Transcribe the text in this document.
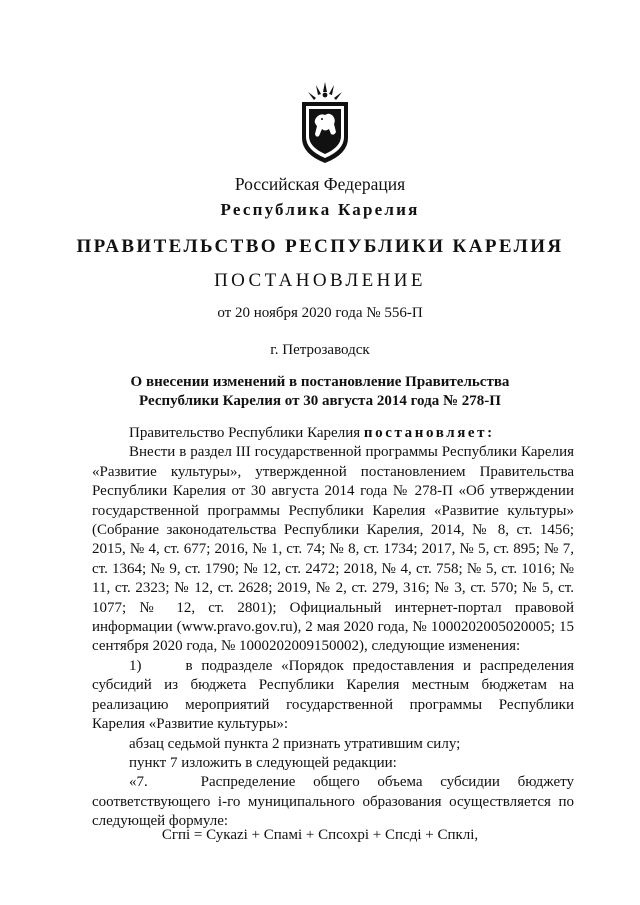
Российская Федерация
Республика Карелия
ПРАВИТЕЛЬСТВО РЕСПУБЛИКИ КАРЕЛИЯ
ПОСТАНОВЛЕНИЕ
от 20 ноября 2020 года № 556-П
г. Петрозаводск
О внесении изменений в постановление Правительства Республики Карелия от 30 августа 2014 года № 278-П

Правительство Республики Карелия постановляет:

Внести в раздел III государственной программы Республики Карелия «Развитие культуры», утвержденной постановлением Правительства Республики Карелия от 30 августа 2014 года № 278-П «Об утверждении государственной программы Республики Карелия «Развитие культуры» (Собрание законодательства Республики Карелия, 2014, № 8, ст. 1456; 2015, № 4, ст. 677; 2016, № 1, ст. 74; № 8, ст. 1734; 2017, № 5, ст. 895; № 7, ст. 1364; № 9, ст. 1790; № 12, ст. 2472; 2018, № 4, ст. 758; № 5, ст. 1016; № 11, ст. 2323; № 12, ст. 2628; 2019, № 2, ст. 279, 316; № 3, ст. 570; № 5, ст. 1077; № 12, ст. 2801); Официальный интернет-портал правовой информации (www.pravo.gov.ru), 2 мая 2020 года, № 1000202005020005; 15 сентября 2020 года, № 1000202009150002), следующие изменения:

1)     в подразделе «Порядок предоставления и распределения субсидий из бюджета Республики Карелия местным бюджетам на реализацию мероприятий государственной программы Республики Карелия «Развитие культуры»:

абзац седьмой пункта 2 признать утратившим силу;

пункт 7 изложить в следующей редакции:

«7.   Распределение общего объема субсидии бюджету соответствующего i-го муниципального образования осуществляется по следующей формуле:

Сгпi = Сукаzi + Спамi + Спсохрi + Спсдi + Спклi,
